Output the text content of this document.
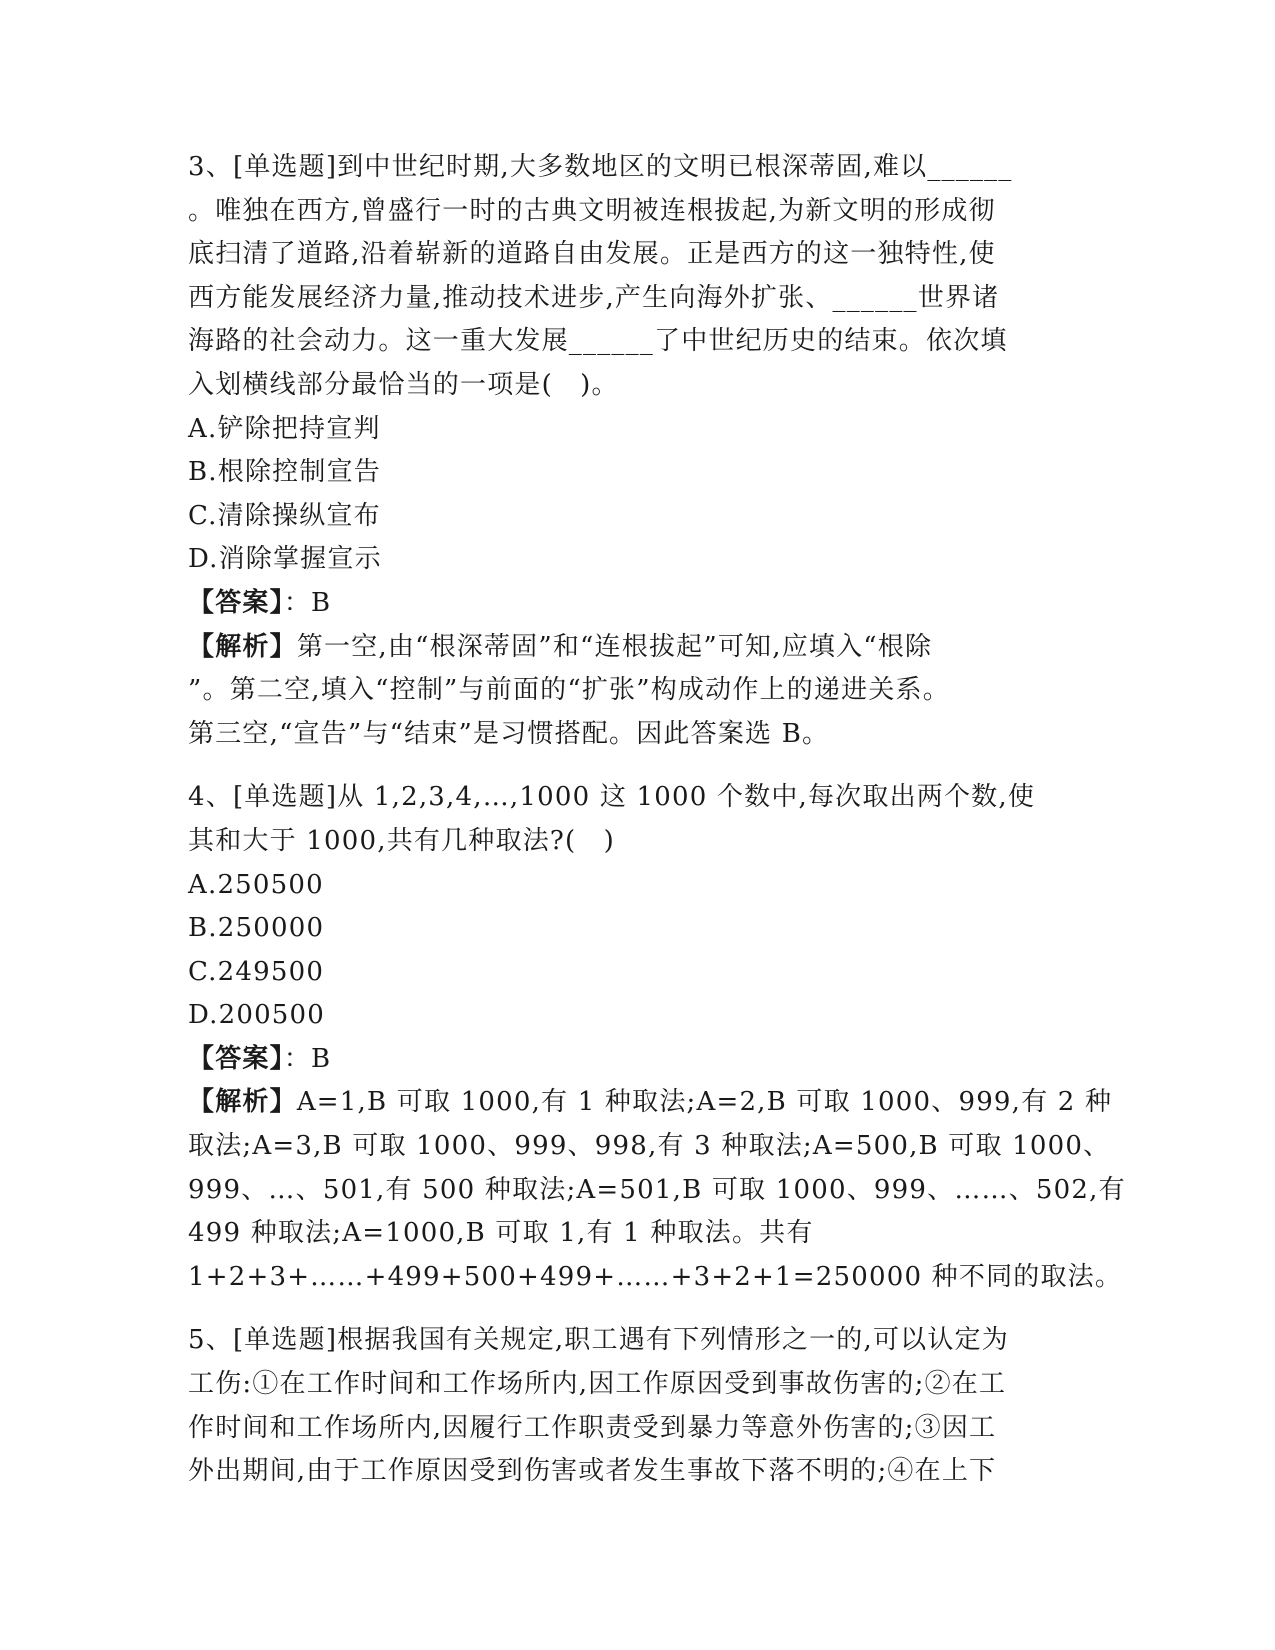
3、[单选题]到中世纪时期,大多数地区的文明已根深蒂固,难以______
。唯独在西方,曾盛行一时的古典文明被连根拔起,为新文明的形成彻
底扫清了道路,沿着崭新的道路自由发展。正是西方的这一独特性,使
西方能发展经济力量,推动技术进步,产生向海外扩张、______世界诸
海路的社会动力。这一重大发展______了中世纪历史的结束。依次填
入划横线部分最恰当的一项是(　)。
A.铲除把持宣判
B.根除控制宣告
C.清除操纵宣布
D.消除掌握宣示
【答案】：B
【解析】第一空,由“根深蒂固”和“连根拔起”可知,应填入“根除
”。第二空,填入“控制”与前面的“扩张”构成动作上的递进关系。
第三空,“宣告”与“结束”是习惯搭配。因此答案选 B。
4、[单选题]从 1,2,3,4,…,1000 这 1000 个数中,每次取出两个数,使
其和大于 1000,共有几种取法?(　)
A.250500
B.250000
C.249500
D.200500
【答案】：B
【解析】A=1,B 可取 1000,有 1 种取法;A=2,B 可取 1000、999,有 2 种
取法;A=3,B 可取 1000、999、998,有 3 种取法;A=500,B 可取 1000、
999、…、501,有 500 种取法;A=501,B 可取 1000、999、……、502,有
499 种取法;A=1000,B 可取 1,有 1 种取法。共有
1+2+3+……+499+500+499+……+3+2+1=250000 种不同的取法。
5、[单选题]根据我国有关规定,职工遇有下列情形之一的,可以认定为
工伤:①在工作时间和工作场所内,因工作原因受到事故伤害的;②在工
作时间和工作场所内,因履行工作职责受到暴力等意外伤害的;③因工
外出期间,由于工作原因受到伤害或者发生事故下落不明的;④在上下
